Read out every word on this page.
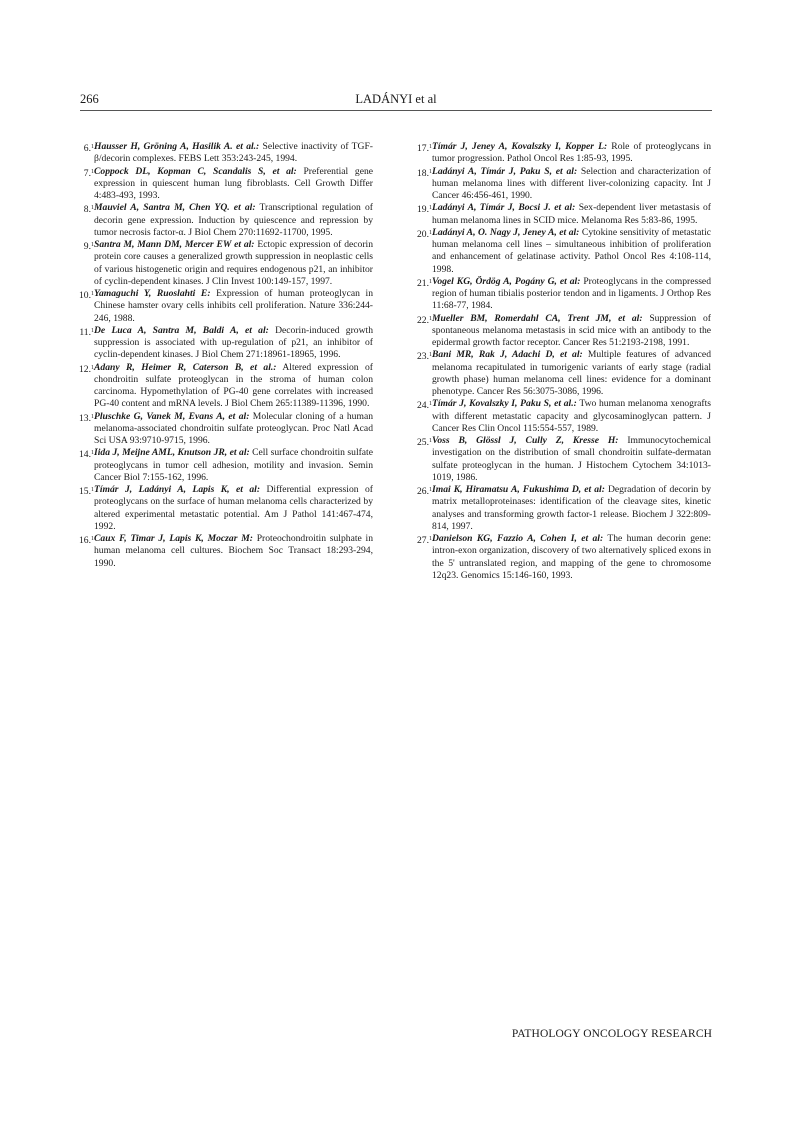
266	LADÁNYI et al

6.$^1$ Hausser H, Gröning A, Hasilik A. et al.: Selective inactivity of TGF-β/decorin complexes. FEBS Lett 353:243-245, 1994.

7.$^1$ Coppock DL, Kopman C, Scandalis S, et al: Preferential gene expression in quiescent human lung fibroblasts. Cell Growth Differ 4:483-493, 1993.

8.$^1$ Mauviel A, Santra M, Chen YQ. et al: Transcriptional regulation of decorin gene expression. Induction by quiescence and repression by tumor necrosis factor-α. J Biol Chem 270:11692-11700, 1995.

9.$^1$ Santra M, Mann DM, Mercer EW et al: Ectopic expression of decorin protein core causes a generalized growth suppression in neoplastic cells of various histogenetic origin and requires endogenous p21, an inhibitor of cyclin-dependent kinases. J Clin Invest 100:149-157, 1997.

10.$^1$ Yamaguchi Y, Ruoslahti E: Expression of human proteoglycan in Chinese hamster ovary cells inhibits cell proliferation. Nature 336:244-246, 1988.

11.$^1$ De Luca A, Santra M, Baldi A, et al: Decorin-induced growth suppression is associated with up-regulation of p21, an inhibitor of cyclin-dependent kinases. J Biol Chem 271:18961-18965, 1996.

12.$^1$ Adany R, Heimer R, Caterson B, et al.: Altered expression of chondroitin sulfate proteoglycan in the stroma of human colon carcinoma. Hypomethylation of PG-40 gene correlates with increased PG-40 content and mRNA levels. J Biol Chem 265:11389-11396, 1990.

13.$^1$ Pluschke G, Vanek M, Evans A, et al: Molecular cloning of a human melanoma-associated chondroitin sulfate proteoglycan. Proc Natl Acad Sci USA 93:9710-9715, 1996.

14.$^1$ Iida J, Meijne AML, Knutson JR, et al: Cell surface chondroitin sulfate proteoglycans in tumor cell adhesion, motility and invasion. Semin Cancer Biol 7:155-162, 1996.

15.$^1$ Tímár J, Ladányi A, Lapis K, et al: Differential expression of proteoglycans on the surface of human melanoma cells characterized by altered experimental metastatic potential. Am J Pathol 141:467-474, 1992.

16.$^1$ Caux F, Timar J, Lapis K, Moczar M: Proteochondroitin sulphate in human melanoma cell cultures. Biochem Soc Transact 18:293-294, 1990.

17.$^1$ Tímár J, Jeney A, Kovalszky I, Kopper L: Role of proteoglycans in tumor progression. Pathol Oncol Res 1:85-93, 1995.

18.$^1$ Ladányi A, Tímár J, Paku S, et al: Selection and characterization of human melanoma lines with different liver-colonizing capacity. Int J Cancer 46:456-461, 1990.

19.$^1$ Ladányi A, Tímár J, Bocsi J. et al: Sex-dependent liver metastasis of human melanoma lines in SCID mice. Melanoma Res 5:83-86, 1995.

20.$^1$ Ladányi A, O. Nagy J, Jeney A, et al: Cytokine sensitivity of metastatic human melanoma cell lines – simultaneous inhibition of proliferation and enhancement of gelatinase activity. Pathol Oncol Res 4:108-114, 1998.

21.$^1$ Vogel KG, Ördög A, Pogány G, et al: Proteoglycans in the compressed region of human tibialis posterior tendon and in ligaments. J Orthop Res 11:68-77, 1984.

22.$^1$ Mueller BM, Romerdahl CA, Trent JM, et al: Suppression of spontaneous melanoma metastasis in scid mice with an antibody to the epidermal growth factor receptor. Cancer Res 51:2193-2198, 1991.

23.$^1$ Bani MR, Rak J, Adachi D, et al: Multiple features of advanced melanoma recapitulated in tumorigenic variants of early stage (radial growth phase) human melanoma cell lines: evidence for a dominant phenotype. Cancer Res 56:3075-3086, 1996.

24.$^1$ Tímár J, Kovalszky I, Paku S, et al.: Two human melanoma xenografts with different metastatic capacity and glycosaminoglycan pattern. J Cancer Res Clin Oncol 115:554-557, 1989.

25.$^1$ Voss B, Glössl J, Cully Z, Kresse H: Immunocytochemical investigation on the distribution of small chondroitin sulfate-dermatan sulfate proteoglycan in the human. J Histochem Cytochem 34:1013-1019, 1986.

26.$^1$ Imai K, Hiramatsu A, Fukushima D, et al: Degradation of decorin by matrix metalloproteinases: identification of the cleavage sites, kinetic analyses and transforming growth factor-1 release. Biochem J 322:809-814, 1997.

27.$^1$ Danielson KG, Fazzio A, Cohen I, et al: The human decorin gene: intron-exon organization, discovery of two alternatively spliced exons in the 5' untranslated region, and mapping of the gene to chromosome 12q23. Genomics 15:146-160, 1993.

PATHOLOGY ONCOLOGY RESEARCH
